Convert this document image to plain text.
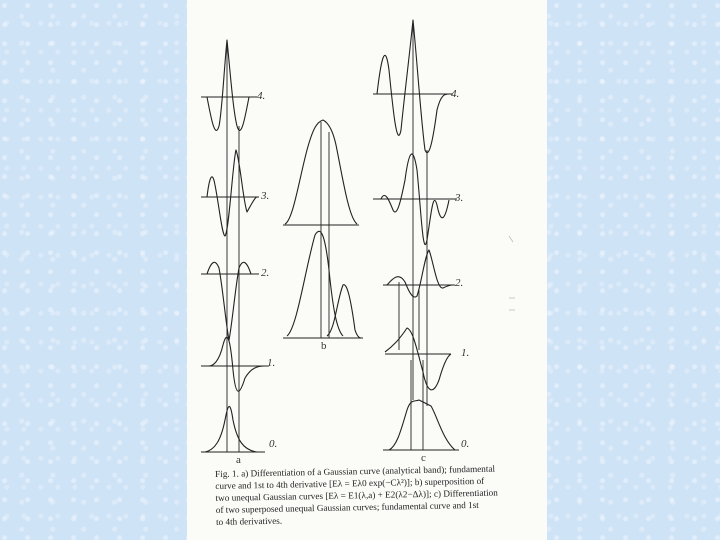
4.
3.
2.
1.
0.
4.
3.
2.
1.
0.
a
b
c
Fig. 1. a) Differentiation of a Gaussian curve (analytical band); fundamental
curve and 1st to 4th derivative [Eλ = Eλ0 exp(−Cλ²)]; b) superposition of
two unequal Gaussian curves [Eλ = E1(λ,a) + E2(λ2−Δλ)]; c) Differentiation
of two superposed unequal Gaussian curves; fundamental curve and 1st
to 4th derivatives.
